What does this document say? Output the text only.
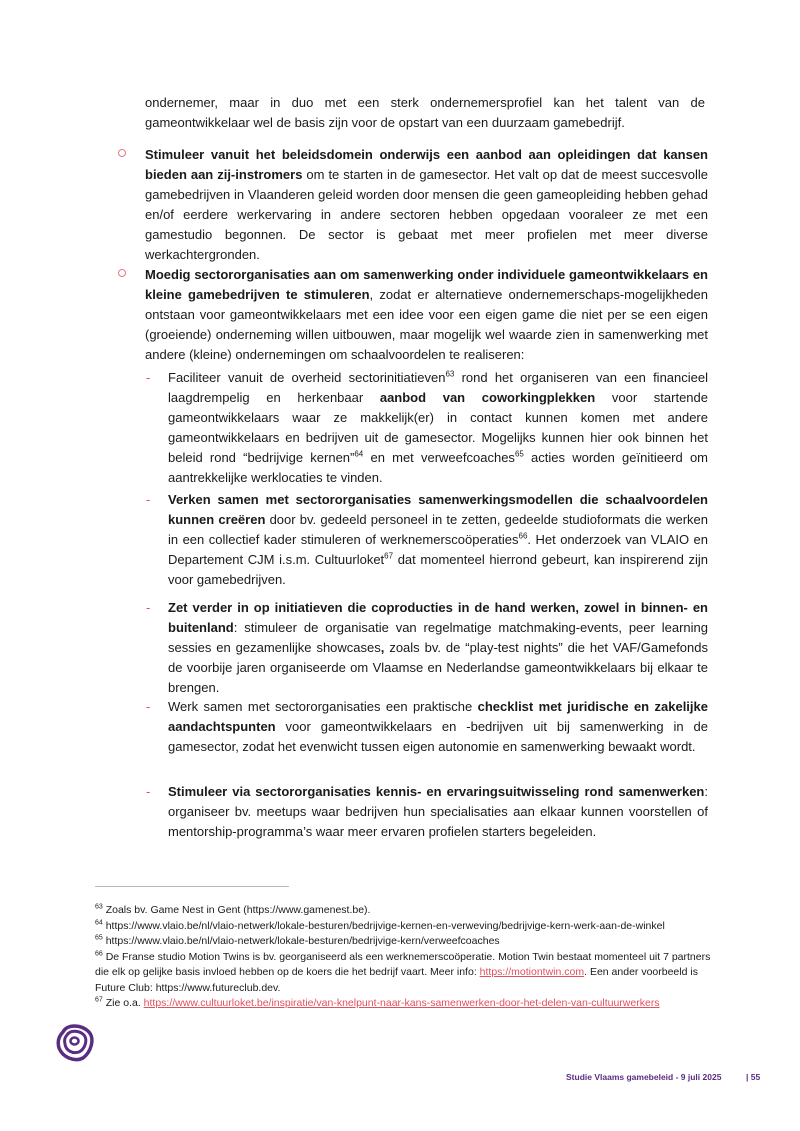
ondernemer, maar in duo met een sterk ondernemersprofiel kan het talent van de gameontwikkelaar wel de basis zijn voor de opstart van een duurzaam gamebedrijf.
Stimuleer vanuit het beleidsdomein onderwijs een aanbod aan opleidingen dat kansen bieden aan zij-instromers om te starten in de gamesector. Het valt op dat de meest succesvolle gamebedrijven in Vlaanderen geleid worden door mensen die geen gameopleiding hebben gehad en/of eerdere werkervaring in andere sectoren hebben opgedaan vooraleer ze met een gamestudio begonnen. De sector is gebaat met meer profielen met meer diverse werkachtergronden.
Moedig sectororganisaties aan om samenwerking onder individuele gameontwikkelaars en kleine gamebedrijven te stimuleren, zodat er alternatieve ondernemerschaps-mogelijkheden ontstaan voor gameontwikkelaars met een idee voor een eigen game die niet per se een eigen (groeiende) onderneming willen uitbouwen, maar mogelijk wel waarde zien in samenwerking met andere (kleine) ondernemingen om schaalvoordelen te realiseren:
- Faciliteer vanuit de overheid sectorinitiatieven$^{63}$ rond het organiseren van een financieel laagdrempelig en herkenbaar aanbod van coworkingplekken voor startende gameontwikkelaars waar ze makkelijk(er) in contact kunnen komen met andere gameontwikkelaars en bedrijven uit de gamesector. Mogelijks kunnen hier ook binnen het beleid rond “bedrijvige kernen”$^{64}$ en met verweefcoaches$^{65}$ acties worden geïnitieerd om aantrekkelijke werklocaties te vinden.
- Verken samen met sectororganisaties samenwerkingsmodellen die schaalvoordelen kunnen creëren door bv. gedeeld personeel in te zetten, gedeelde studioformats die werken in een collectief kader stimuleren of werknemerscoöperaties$^{66}$. Het onderzoek van VLAIO en Departement CJM i.s.m. Cultuurloket$^{67}$ dat momenteel hierrond gebeurt, kan inspirerend zijn voor gamebedrijven.
- Zet verder in op initiatieven die coproducties in de hand werken, zowel in binnen- en buitenland: stimuleer de organisatie van regelmatige matchmaking-events, peer learning sessies en gezamenlijke showcases, zoals bv. de “play-test nights” die het VAF/Gamefonds de voorbije jaren organiseerde om Vlaamse en Nederlandse gameontwikkelaars bij elkaar te brengen.
- Werk samen met sectororganisaties een praktische checklist met juridische en zakelijke aandachtspunten voor gameontwikkelaars en -bedrijven uit bij samenwerking in de gamesector, zodat het evenwicht tussen eigen autonomie en samenwerking bewaakt wordt.
- Stimuleer via sectororganisaties kennis- en ervaringsuitwisseling rond samenwerken: organiseer bv. meetups waar bedrijven hun specialisaties aan elkaar kunnen voorstellen of mentorship-programma’s waar meer ervaren profielen starters begeleiden.

$^{63}$ Zoals bv. Game Nest in Gent (https://www.gamenest.be).

$^{64}$ https://www.vlaio.be/nl/vlaio-netwerk/lokale-besturen/bedrijvige-kernen-en-verweving/bedrijvige-kern-werk-aan-de-winkel

$^{65}$ https://www.vlaio.be/nl/vlaio-netwerk/lokale-besturen/bedrijvige-kern/verweefcoaches

$^{66}$ De Franse studio Motion Twins is bv. georganiseerd als een werknemerscoöperatie. Motion Twin bestaat momenteel uit 7 partners die elk op gelijke basis invloed hebben op de koers die het bedrijf vaart. Meer info: https://motiontwin.com. Een ander voorbeeld is Future Club: https://www.futureclub.dev.

$^{67}$ Zie o.a. https://www.cultuurloket.be/inspiratie/van-knelpunt-naar-kans-samenwerken-door-het-delen-van-cultuurwerkers

Studie Vlaams gamebeleid - 9 juli 2025	| 55
